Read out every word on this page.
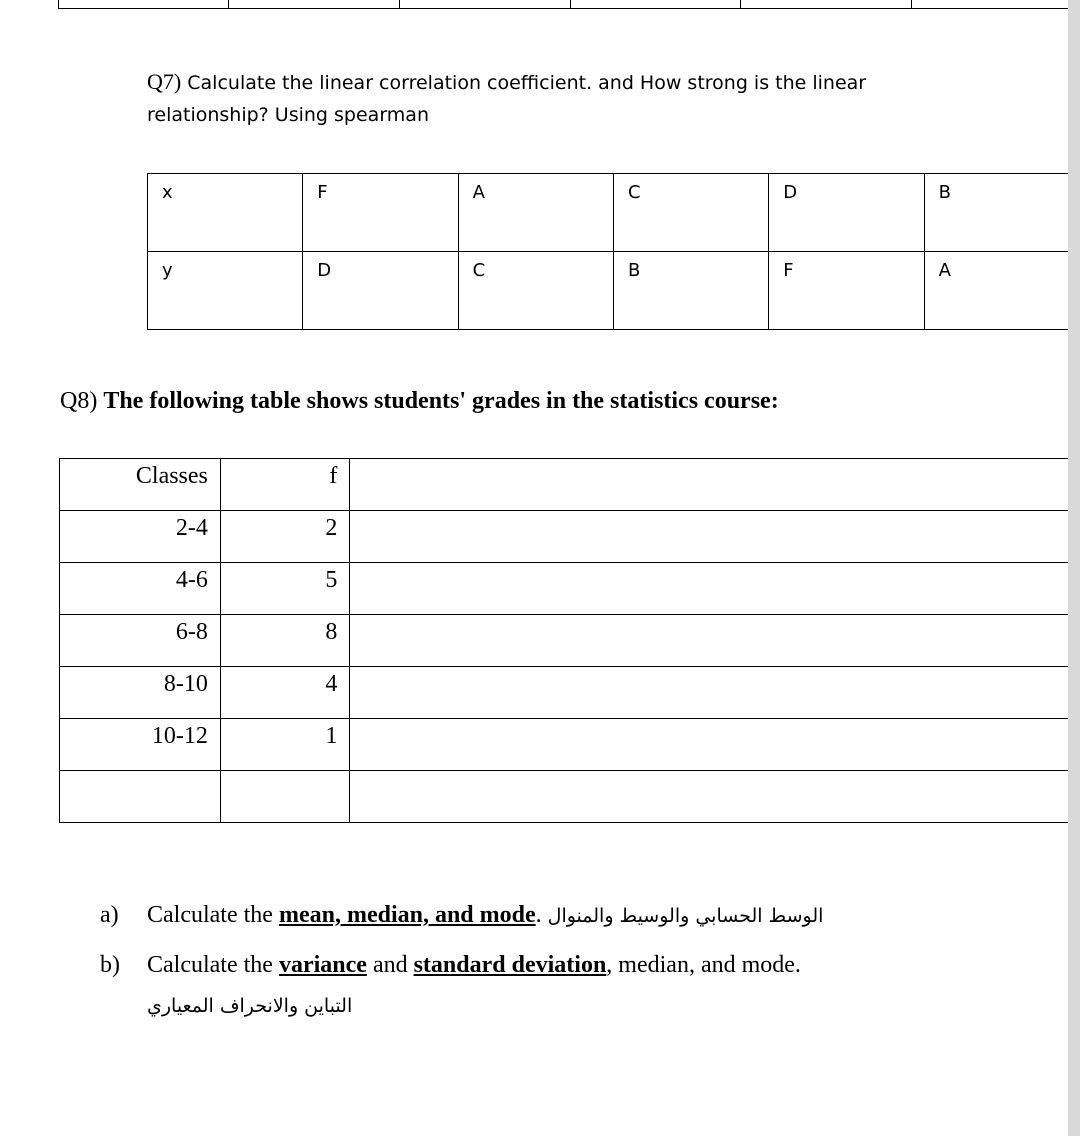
Q7) Calculate the linear correlation coefficient. and How strong is the linear
relationship? Using spearman
x	F	A	C	D	B
y	D	C	B	F	A
Q8) The following table shows students' grades in the statistics course:
Classes	f	
2-4	2	
4-6	5	
6-8	8	
8-10	4	
10-12	1	

a) Calculate the mean, median, and mode. الوسط الحسابي والوسيط والمنوال
b) Calculate the variance and standard deviation, median, and mode.
التباين والانحراف المعياري
